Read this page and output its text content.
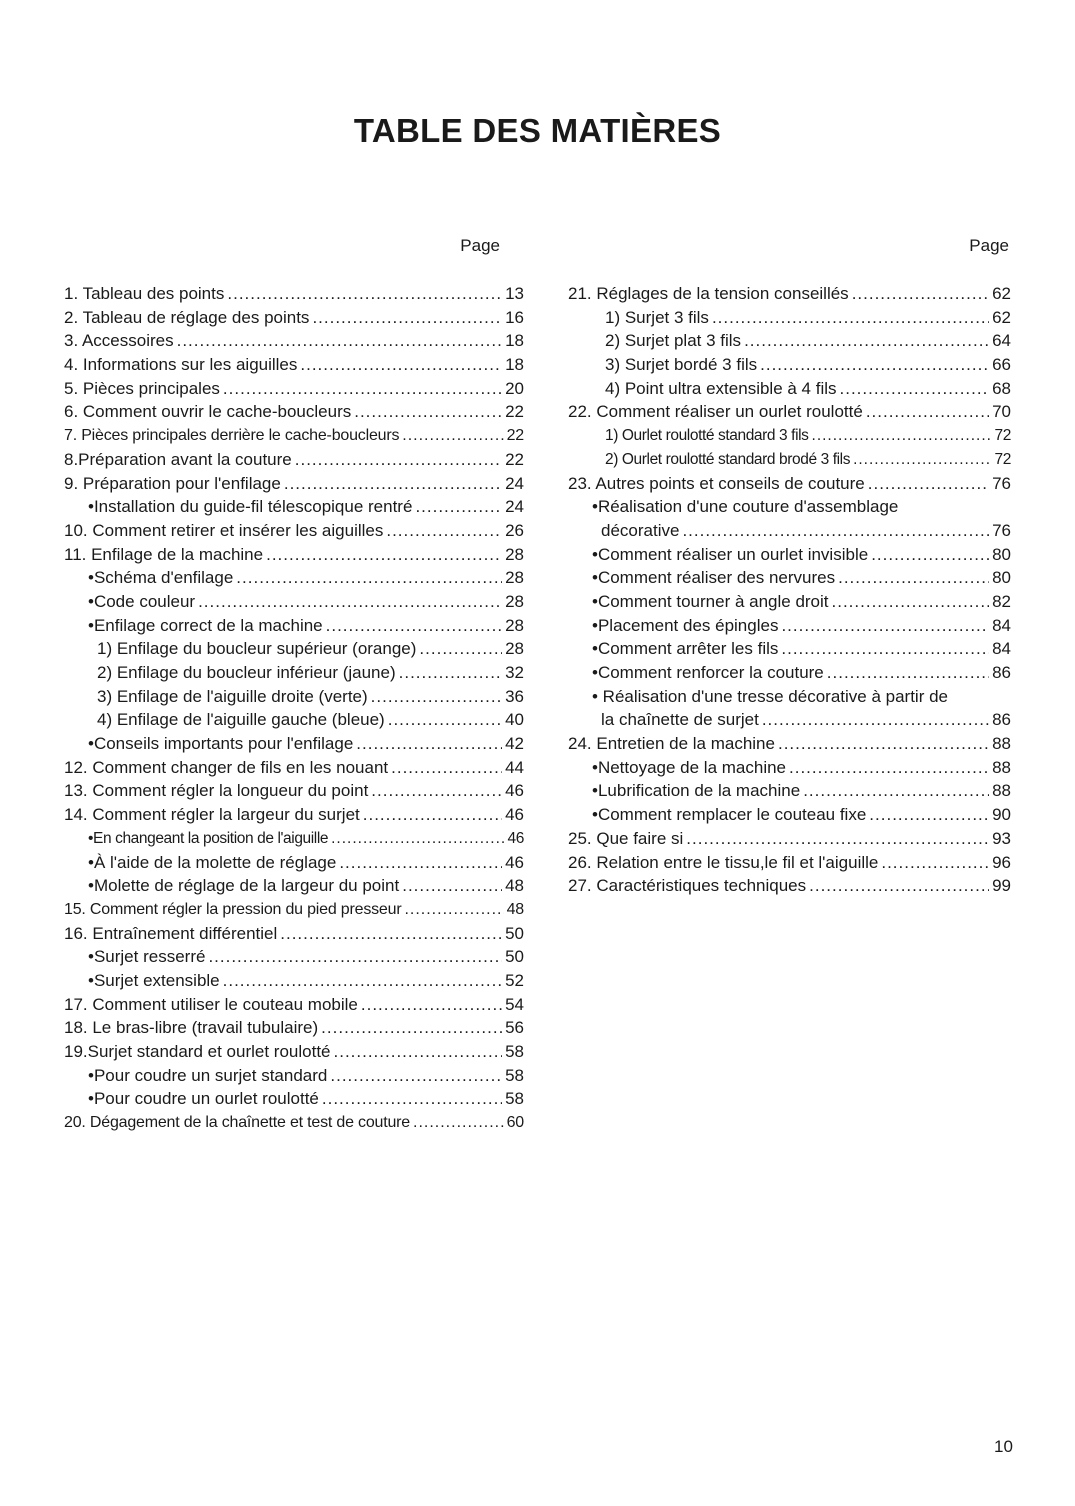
TABLE DES MATIÈRES
Page
1. Tableau des points .....	13
2. Tableau de réglage des points .....	16
3. Accessoires .....	18
4. Informations sur les aiguilles .....	18
5. Pièces principales .....	20
6. Comment ouvrir le cache-boucleurs .....	22
7. Pièces principales derrière le cache-boucleurs .....	22
8.Préparation avant la couture .....	22
9. Préparation pour l'enfilage .....	24
•Installation du guide-fil télescopique rentré .....	24
10. Comment retirer et insérer les aiguilles .....	26
11. Enfilage de la machine .....	28
•Schéma d'enfilage .....	28
•Code couleur .....	28
•Enfilage correct de la machine .....	28
1) Enfilage du boucleur supérieur (orange) .....	28
2) Enfilage du boucleur inférieur (jaune) .....	32
3) Enfilage de l'aiguille droite (verte) .....	36
4) Enfilage de l'aiguille gauche (bleue) .....	40
•Conseils importants pour l'enfilage .....	42
12. Comment changer de fils en les nouant .....	44
13. Comment régler la longueur du point .....	46
14. Comment régler la largeur du surjet .....	46
•En changeant la position de l'aiguille .....	46
•À l'aide de la molette de réglage .....	46
•Molette de réglage de la largeur du point .....	48
15. Comment régler la pression du pied presseur .....	48
16. Entraînement différentiel .....	50
•Surjet resserré .....	50
•Surjet extensible .....	52
17. Comment utiliser le couteau mobile .....	54
18. Le bras-libre (travail tubulaire) .....	56
19.Surjet standard et ourlet roulotté .....	58
•Pour coudre un surjet standard .....	58
•Pour coudre un ourlet roulotté .....	58
20. Dégagement de la chaînette et test de couture .....	60
Page
21. Réglages de la tension conseillés .....	62
1) Surjet 3 fils .....	62
2) Surjet plat 3 fils .....	64
3) Surjet bordé 3 fils .....	66
4) Point ultra extensible à 4 fils .....	68
22. Comment réaliser un ourlet roulotté .....	70
1) Ourlet roulotté standard 3 fils .....	72
2) Ourlet roulotté standard brodé 3 fils .....	72
23. Autres points et conseils de couture .....	76
•Réalisation d'une couture d'assemblage
décorative .....	76
•Comment réaliser un ourlet invisible .....	80
•Comment réaliser des nervures .....	80
•Comment tourner à angle droit .....	82
•Placement des épingles .....	84
•Comment arrêter les fils .....	84
•Comment renforcer la couture .....	86
• Réalisation d'une tresse décorative à partir de
la chaînette de surjet .....	86
24. Entretien de la machine .....	88
•Nettoyage de la machine .....	88
•Lubrification de la machine .....	88
•Comment remplacer le couteau fixe .....	90
25. Que faire si .....	93
26. Relation entre le tissu,le fil et l'aiguille .....	96
27. Caractéristiques techniques .....	99
10
